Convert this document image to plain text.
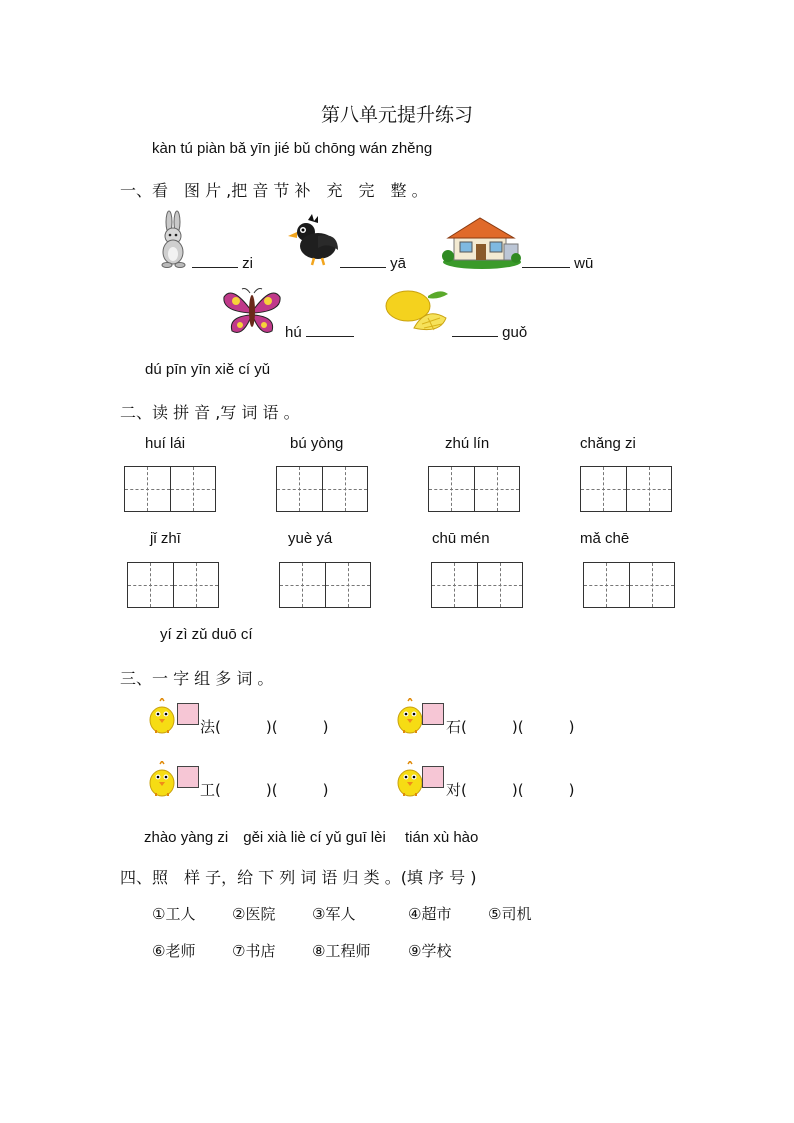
第八单元提升练习
kàn tú piàn bǎ yīn jié bǔ chōng wán zhěng
一、看　图 片 ,把 音 节 补　充　完　整 。
zi	yā	wū
hú	guǒ
dú pīn yīn xiě cí yǔ
二、读 拼 音 ,写 词 语 。
huí lái	bú yòng	zhú lín	chǎng zi
jǐ zhī	yuè yá	chū mén	mǎ chē
yí zì zǔ duō cí
三、一 字 组 多 词 。
法(　　　)(　　　)	石(　　　)(　　　)
工(　　　)(　　　)	对(　　　)(　　　)
zhào yàng zi　gěi xià liè cí yǔ guī lèi　 tián xù hào
四、照　样 子，给 下 列 词 语 归 类 。(填 序 号 )
①工人 ②医院 ③军人	④超市 ⑤司机
⑥老师 ⑦书店 ⑧工程师	⑨学校
